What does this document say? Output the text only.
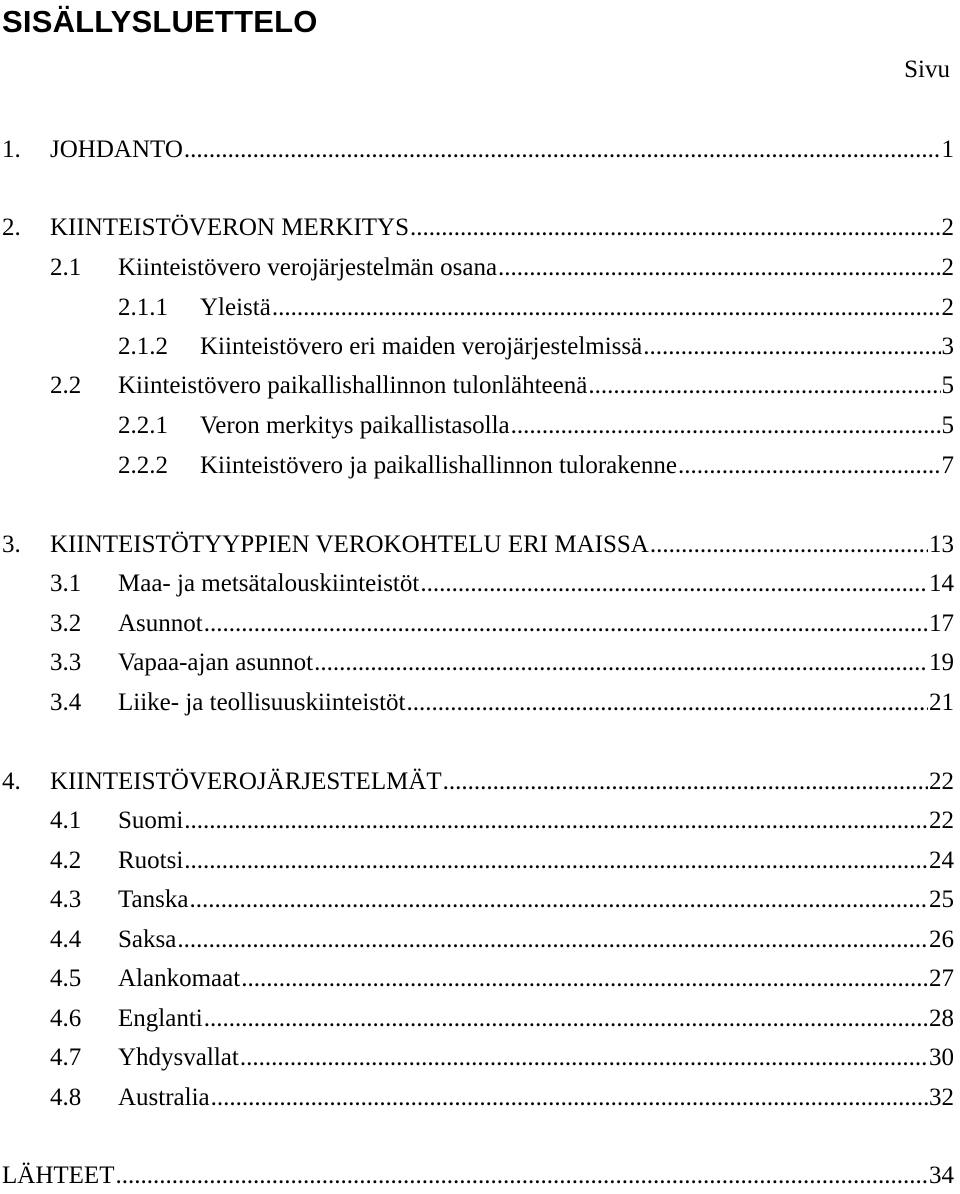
SISÄLLYSLUETTELO
Sivu
1.	JOHDANTO .....	1
2.	KIINTEISTÖVERON MERKITYS .....	2
2.1	Kiinteistövero verojärjestelmän osana .....	2
2.1.1	Yleistä .....	2
2.1.2	Kiinteistövero eri maiden verojärjestelmissä .....	3
2.2	Kiinteistövero paikallishallinnon tulonlähteenä .....	5
2.2.1	Veron merkitys paikallistasolla .....	5
2.2.2	Kiinteistövero ja paikallishallinnon tulorakenne .....	7
3.	KIINTEISTÖTYYPPIEN VEROKOHTELU ERI MAISSA .....	13
3.1	Maa- ja metsätalouskiinteistöt .....	14
3.2	Asunnot .....	17
3.3	Vapaa-ajan asunnot .....	19
3.4	Liike- ja teollisuuskiinteistöt .....	21
4.	KIINTEISTÖVEROJÄRJESTELMÄT .....	22
4.1	Suomi .....	22
4.2	Ruotsi .....	24
4.3	Tanska .....	25
4.4	Saksa .....	26
4.5	Alankomaat .....	27
4.6	Englanti .....	28
4.7	Yhdysvallat .....	30
4.8	Australia .....	32
LÄHTEET .....	34
